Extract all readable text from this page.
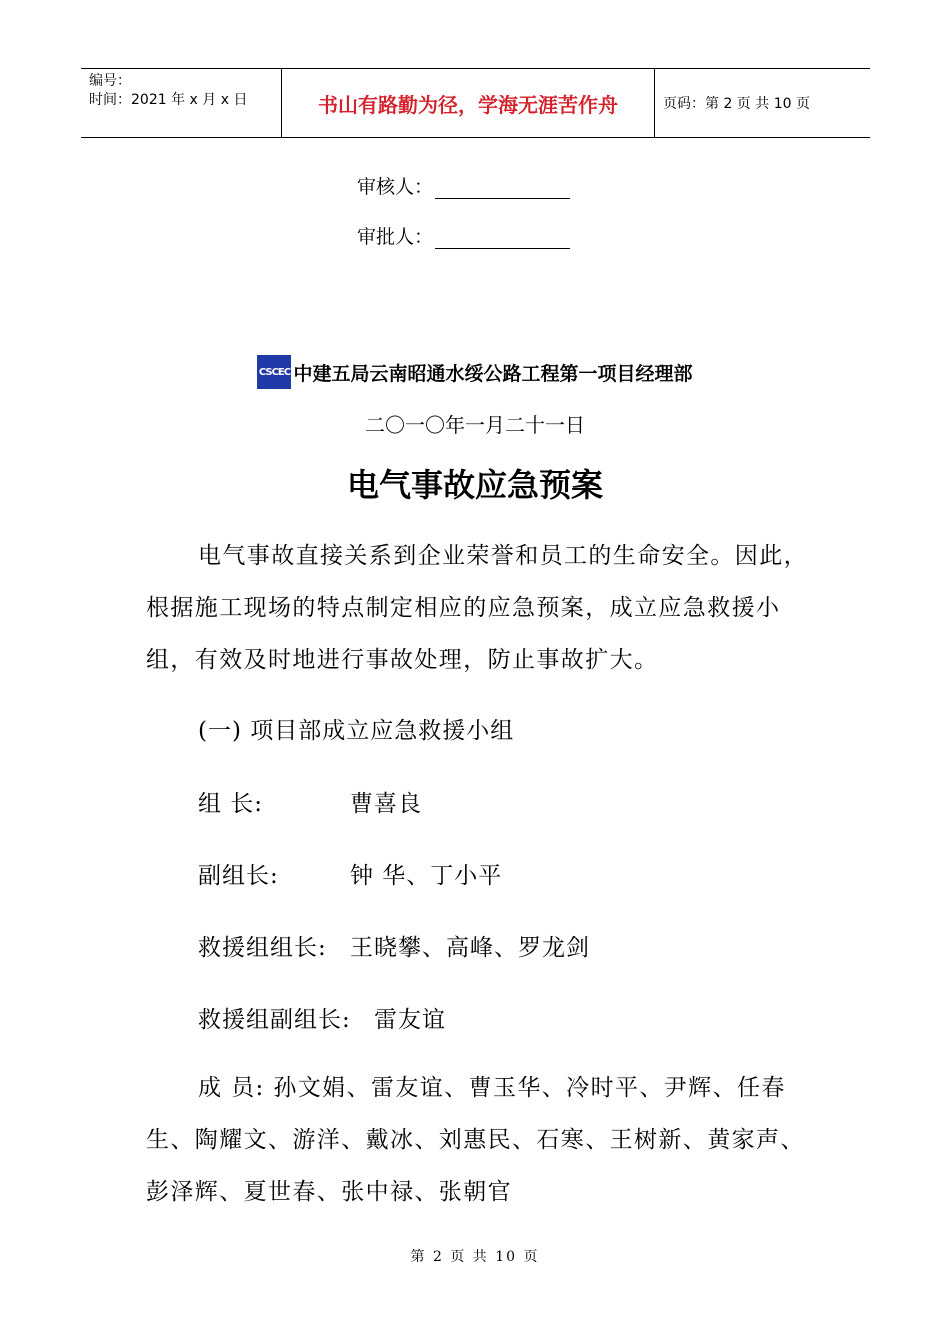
编号：
时间：2021 年 x 月 x 日	书山有路勤为径，学海无涯苦作舟	页码：第 2 页 共 10 页
审核人：
审批人：
CSCEC 中建五局云南昭通水绥公路工程第一项目经理部
二〇一〇年一月二十一日
电气事故应急预案
电气事故直接关系到企业荣誉和员工的生命安全。因此，根据施工现场的特点制定相应的应急预案，成立应急救援小组，有效及时地进行事故处理，防止事故扩大。
(一) 项目部成立应急救援小组
组 长:	曹喜良
副组长:	钟 华、丁小平
救援组组长: 王晓攀、高峰、罗龙剑
救援组副组长: 雷友谊
成 员: 孙文娟、雷友谊、曹玉华、冷时平、尹辉、任春生、陶耀文、游洋、戴冰、刘惠民、石寒、王树新、黄家声、彭泽辉、夏世春、张中禄、张朝官
第 2 页 共 10 页
